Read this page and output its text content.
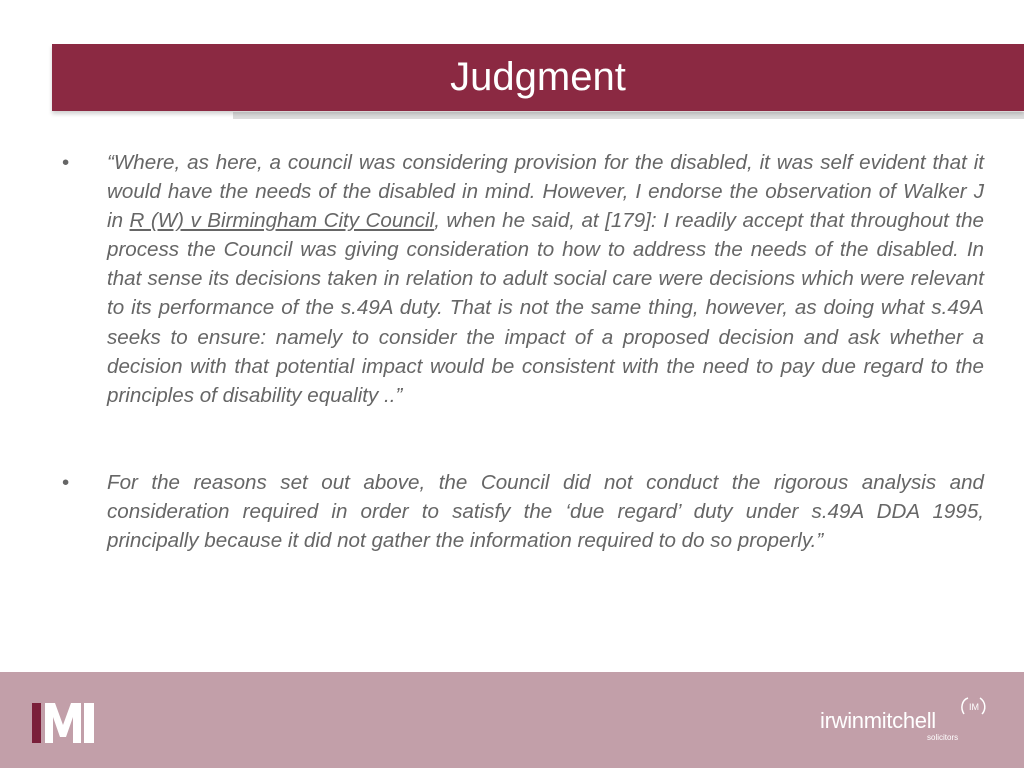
Judgment
• “Where, as here, a council was considering provision for the disabled, it was self evident that it would have the needs of the disabled in mind. However, I endorse the observation of Walker J in R (W) v Birmingham City Council, when he said, at [179]: I readily accept that throughout the process the Council was giving consideration to how to address the needs of the disabled. In that sense its decisions taken in relation to adult social care were decisions which were relevant to its performance of the s.49A duty. That is not the same thing, however, as doing what s.49A seeks to ensure: namely to consider the impact of a proposed decision and ask whether a decision with that potential impact would be consistent with the need to pay due regard to the principles of disability equality ..”
• For the reasons set out above, the Council did not conduct the rigorous analysis and consideration required in order to satisfy the ‘due regard’ duty under s.49A DDA 1995, principally because it did not gather the information required to do so properly.”
irwinmitchell
solicitors
IM
